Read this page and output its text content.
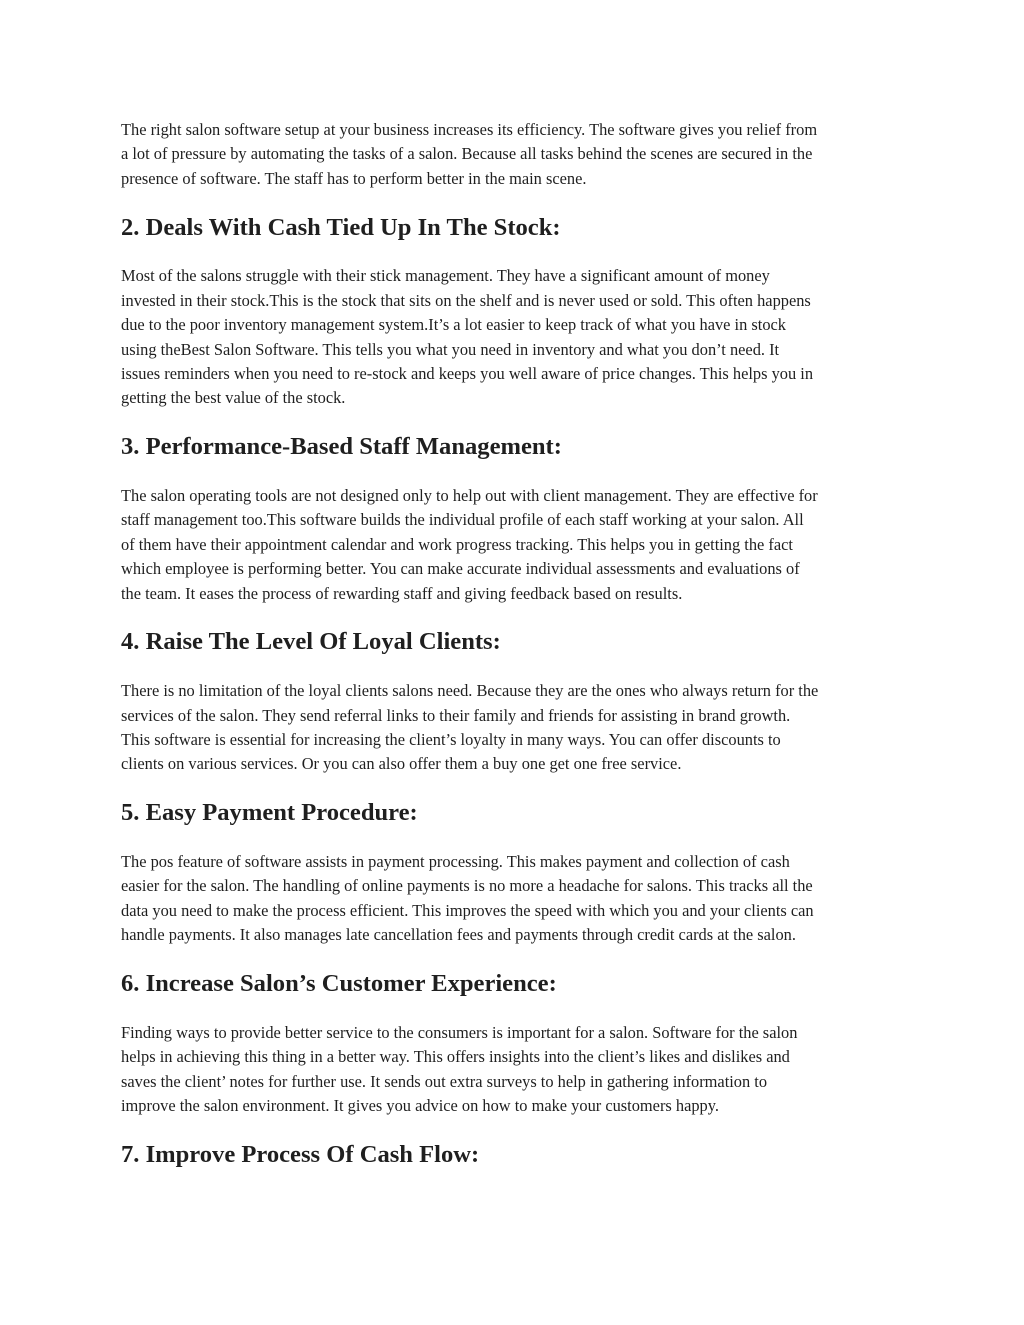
The right salon software setup at your business increases its efficiency. The software gives you relief from
a lot of pressure by automating the tasks of a salon. Because all tasks behind the scenes are secured in the
presence of software. The staff has to perform better in the main scene.

2. Deals With Cash Tied Up In The Stock:

Most of the salons struggle with their stick management. They have a significant amount of money
invested in their stock.This is the stock that sits on the shelf and is never used or sold. This often happens
due to the poor inventory management system.It’s a lot easier to keep track of what you have in stock
using theBest Salon Software. This tells you what you need in inventory and what you don’t need. It
issues reminders when you need to re-stock and keeps you well aware of price changes. This helps you in
getting the best value of the stock.

3. Performance-Based Staff Management:

The salon operating tools are not designed only to help out with client management. They are effective for
staff management too.This software builds the individual profile of each staff working at your salon. All
of them have their appointment calendar and work progress tracking. This helps you in getting the fact
which employee is performing better. You can make accurate individual assessments and evaluations of
the team. It eases the process of rewarding staff and giving feedback based on results.

4. Raise The Level Of Loyal Clients:

There is no limitation of the loyal clients salons need. Because they are the ones who always return for the
services of the salon. They send referral links to their family and friends for assisting in brand growth.
This software is essential for increasing the client’s loyalty in many ways. You can offer discounts to
clients on various services. Or you can also offer them a buy one get one free service.

5. Easy Payment Procedure:

The pos feature of software assists in payment processing. This makes payment and collection of cash
easier for the salon. The handling of online payments is no more a headache for salons. This tracks all the
data you need to make the process efficient. This improves the speed with which you and your clients can
handle payments. It also manages late cancellation fees and payments through credit cards at the salon.

6. Increase Salon’s Customer Experience:

Finding ways to provide better service to the consumers is important for a salon. Software for the salon
helps in achieving this thing in a better way. This offers insights into the client’s likes and dislikes and
saves the client’ notes for further use. It sends out extra surveys to help in gathering information to
improve the salon environment. It gives you advice on how to make your customers happy.

7. Improve Process Of Cash Flow:
